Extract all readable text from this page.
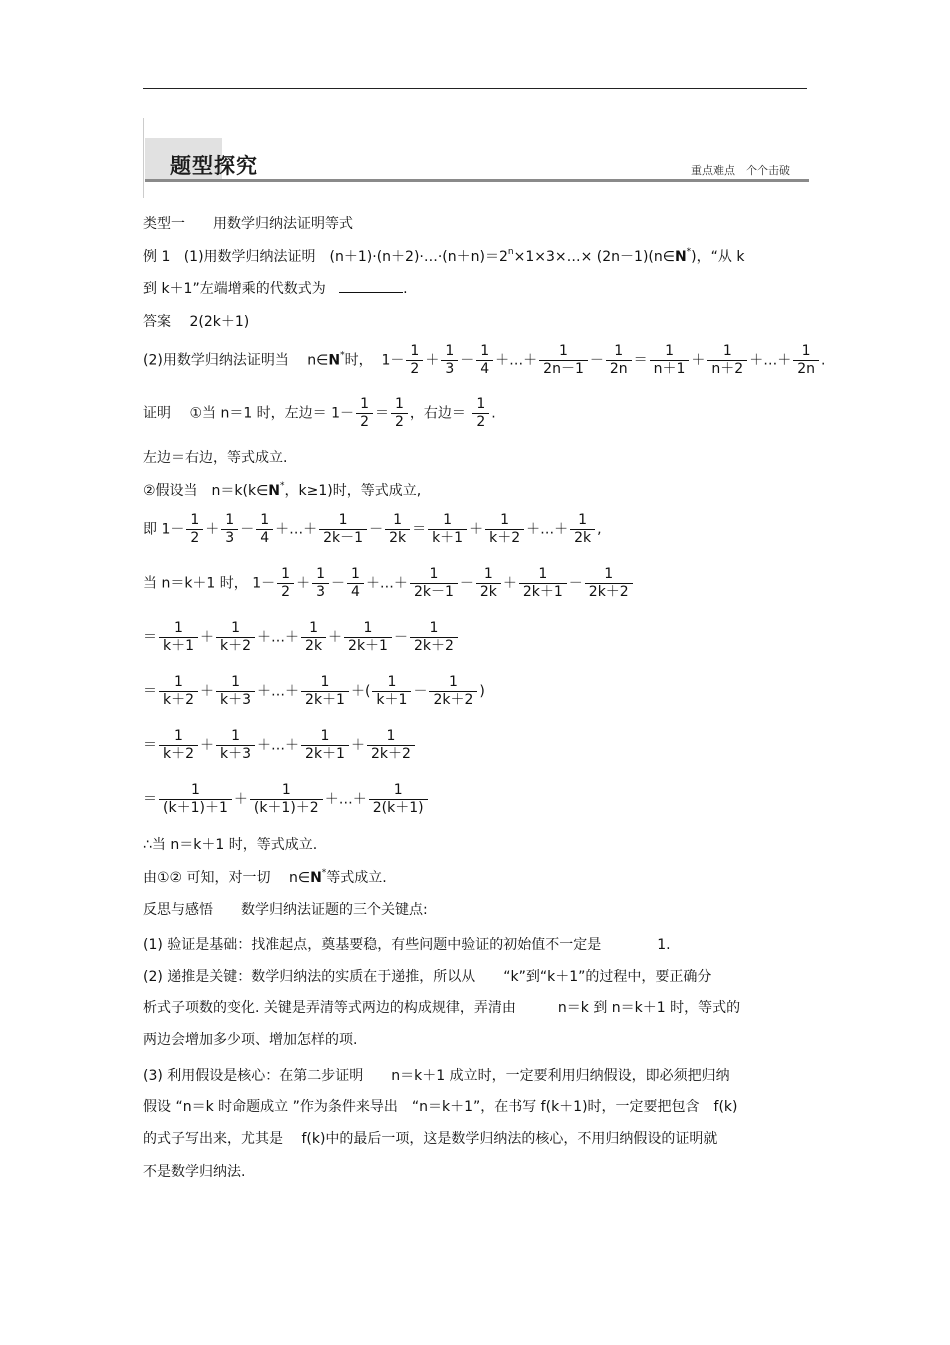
题型探究	重点难点　个个击破
类型一　　用数学归纳法证明等式
例 1 (1)用数学归纳法证明　$(n+1)\cdot(n+2)\cdot\dots\cdot(n+n)=2^n\times 1\times 3\times\dots\times$ (2n－1)(n∈N*)，“从 k
到 k＋1”左端增乘的代数式为	.
答案　 2(2k＋1)
(2)用数学归纳法证明当　 n∈N*时， $1- \frac{1}{2} + \frac{1}{3} - \frac{1}{4}$ ＋…＋ $\frac{1}{2n-1} - \frac{1}{2n} = \frac{1}{n+1} + \frac{1}{n+2}$ ＋…＋ $\frac{1}{2n}$ .
证明　 ①当 n＝1 时，左边＝ $1- \frac{1}{2} = \frac{1}{2}$ ，右边＝ $\frac{1}{2}$ .
左边＝右边，等式成立.
②假设当　n＝k(k∈N*，k≥1)时，等式成立,
即 $1- \frac{1}{2} + \frac{1}{3} - \frac{1}{4}$ ＋…＋ $\frac{1}{2k-1} - \frac{1}{2k} = \frac{1}{k+1} + \frac{1}{k+2}$ ＋…＋ $\frac{1}{2k}$ ,
当 n＝k＋1 时， $1- \frac{1}{2} + \frac{1}{3} - \frac{1}{4}$ ＋…＋ $\frac{1}{2k-1} - \frac{1}{2k} + \frac{1}{2k+1} - \frac{1}{2k+2}$
＝ $\frac{1}{k+1} + \frac{1}{k+2}$ ＋…＋ $\frac{1}{2k} + \frac{1}{2k+1} - \frac{1}{2k+2}$
＝ $\frac{1}{k+2} + \frac{1}{k+3}$ ＋…＋ $\frac{1}{2k+1}$ ＋( $\frac{1}{k+1} - \frac{1}{2k+2}$ )
＝ $\frac{1}{k+2} + \frac{1}{k+3}$ ＋…＋ $\frac{1}{2k+1} + \frac{1}{2k+2}$
＝ $\frac{1}{(k+1)+1} + \frac{1}{(k+1)+2}$ ＋…＋ $\frac{1}{2(k+1)}$
∴当 n＝k＋1 时，等式成立.
由①② 可知，对一切　 n∈N*等式成立.
反思与感悟　　数学归纳法证题的三个关键点:
(1) 验证是基础：找准起点，奠基要稳，有些问题中验证的初始值不一定是　　　　1.
(2) 递推是关键：数学归纳法的实质在于递推，所以从　　“k”到“k＋1”的过程中，要正确分
析式子项数的变化. 关键是弄清等式两边的构成规律，弄清由　　　n＝k 到 n＝k＋1 时，等式的
两边会增加多少项、增加怎样的项.
(3) 利用假设是核心：在第二步证明　　n＝k＋1 成立时，一定要利用归纳假设，即必须把归纳
假设 “n＝k 时命题成立 ”作为条件来导出　“n＝k＋1”，在书写 f(k＋1)时，一定要把包含　f(k)
的式子写出来，尤其是　 f(k)中的最后一项，这是数学归纳法的核心，不用归纳假设的证明就
不是数学归纳法.
